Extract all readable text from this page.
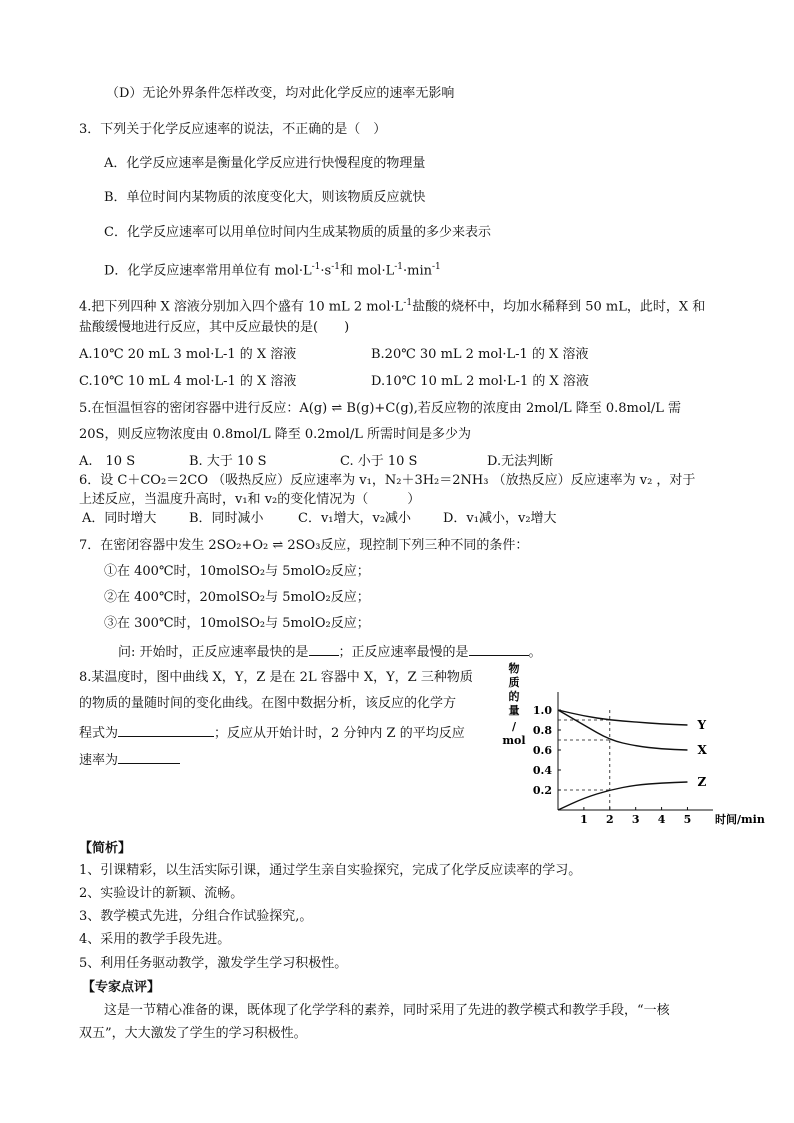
（D）无论外界条件怎样改变，均对此化学反应的速率无影响
3．下列关于化学反应速率的说法，不正确的是（　）
A．化学反应速率是衡量化学反应进行快慢程度的物理量
B．单位时间内某物质的浓度变化大，则该物质反应就快
C．化学反应速率可以用单位时间内生成某物质的质量的多少来表示
D．化学反应速率常用单位有 $mol\cdot L^{-1}\cdot s^{-1}$和 $mol\cdot L^{-1}\cdot\min^{-1}$
4.把下列四种 X 溶液分别加入四个盛有 10 mL 2 $mol\cdot L^{-1}$盐酸的烧杯中，均加水稀释到 50 mL，此时，X 和
盐酸缓慢地进行反应，其中反应最快的是(　　)
A.10℃ 20 mL 3 mol·L-1 的 X 溶液	B.20℃ 30 mL 2 mol·L-1 的 X 溶液
C.10℃ 10 mL 4 mol·L-1 的 X 溶液	D.10℃ 10 mL 2 mol·L-1 的 X 溶液
5.在恒温恒容的密闭容器中进行反应：A(g) ⇌ B(g)+C(g),若反应物的浓度由 2mol/L 降至 0.8mol/L 需
20S，则反应物浓度由 0.8mol/L 降至 0.2mol/L 所需时间是多少为
A.　10 S	B. 大于 10 S	C. 小于 10 S	D.无法判断
6．设 C＋CO₂＝2CO （吸热反应）反应速率为 v₁，N₂＋3H₂＝2NH₃ （放热反应）反应速率为 v₂ ，对于
上述反应，当温度升高时，v₁和 v₂的变化情况为（　　　）
A．同时增大	B．同时减小	C．v₁增大，v₂减小 D．v₁减小，v₂增大
7．在密闭容器中发生 2SO₂+O₂ ⇌ 2SO₃反应，现控制下列三种不同的条件：
①在 400℃时，10molSO₂与 5molO₂反应；
②在 400℃时，20molSO₂与 5molO₂反应；
③在 300℃时，10molSO₂与 5molO₂反应；
问: 开始时，正反应速率最快的是 ；正反应速率最慢的是	。
8.某温度时，图中曲线 X，Y，Z 是在 2L 容器中 X，Y，Z 三种物质
的物质的量随时间的变化曲线。在图中数据分析，该反应的化学方
程式为	；反应从开始计时，2 分钟内 Z 的平均反应
速率为
1 2 3 4 5
0.2
0.4
0.6
0.8
1.0
Y
X
Z
物
质
的
量
/
mol
时间/min
【简析】
1、引课精彩，以生活实际引课，通过学生亲自实验探究，完成了化学反应读率的学习。
2、实验设计的新颖、流畅。
3、教学模式先进，分组合作试验探究,。
4、采用的教学手段先进。
5、利用任务驱动教学，激发学生学习积极性。
【专家点评】
这是一节精心准备的课，既体现了化学学科的素养，同时采用了先进的教学模式和教学手段，“一核
双五”，大大激发了学生的学习积极性。
